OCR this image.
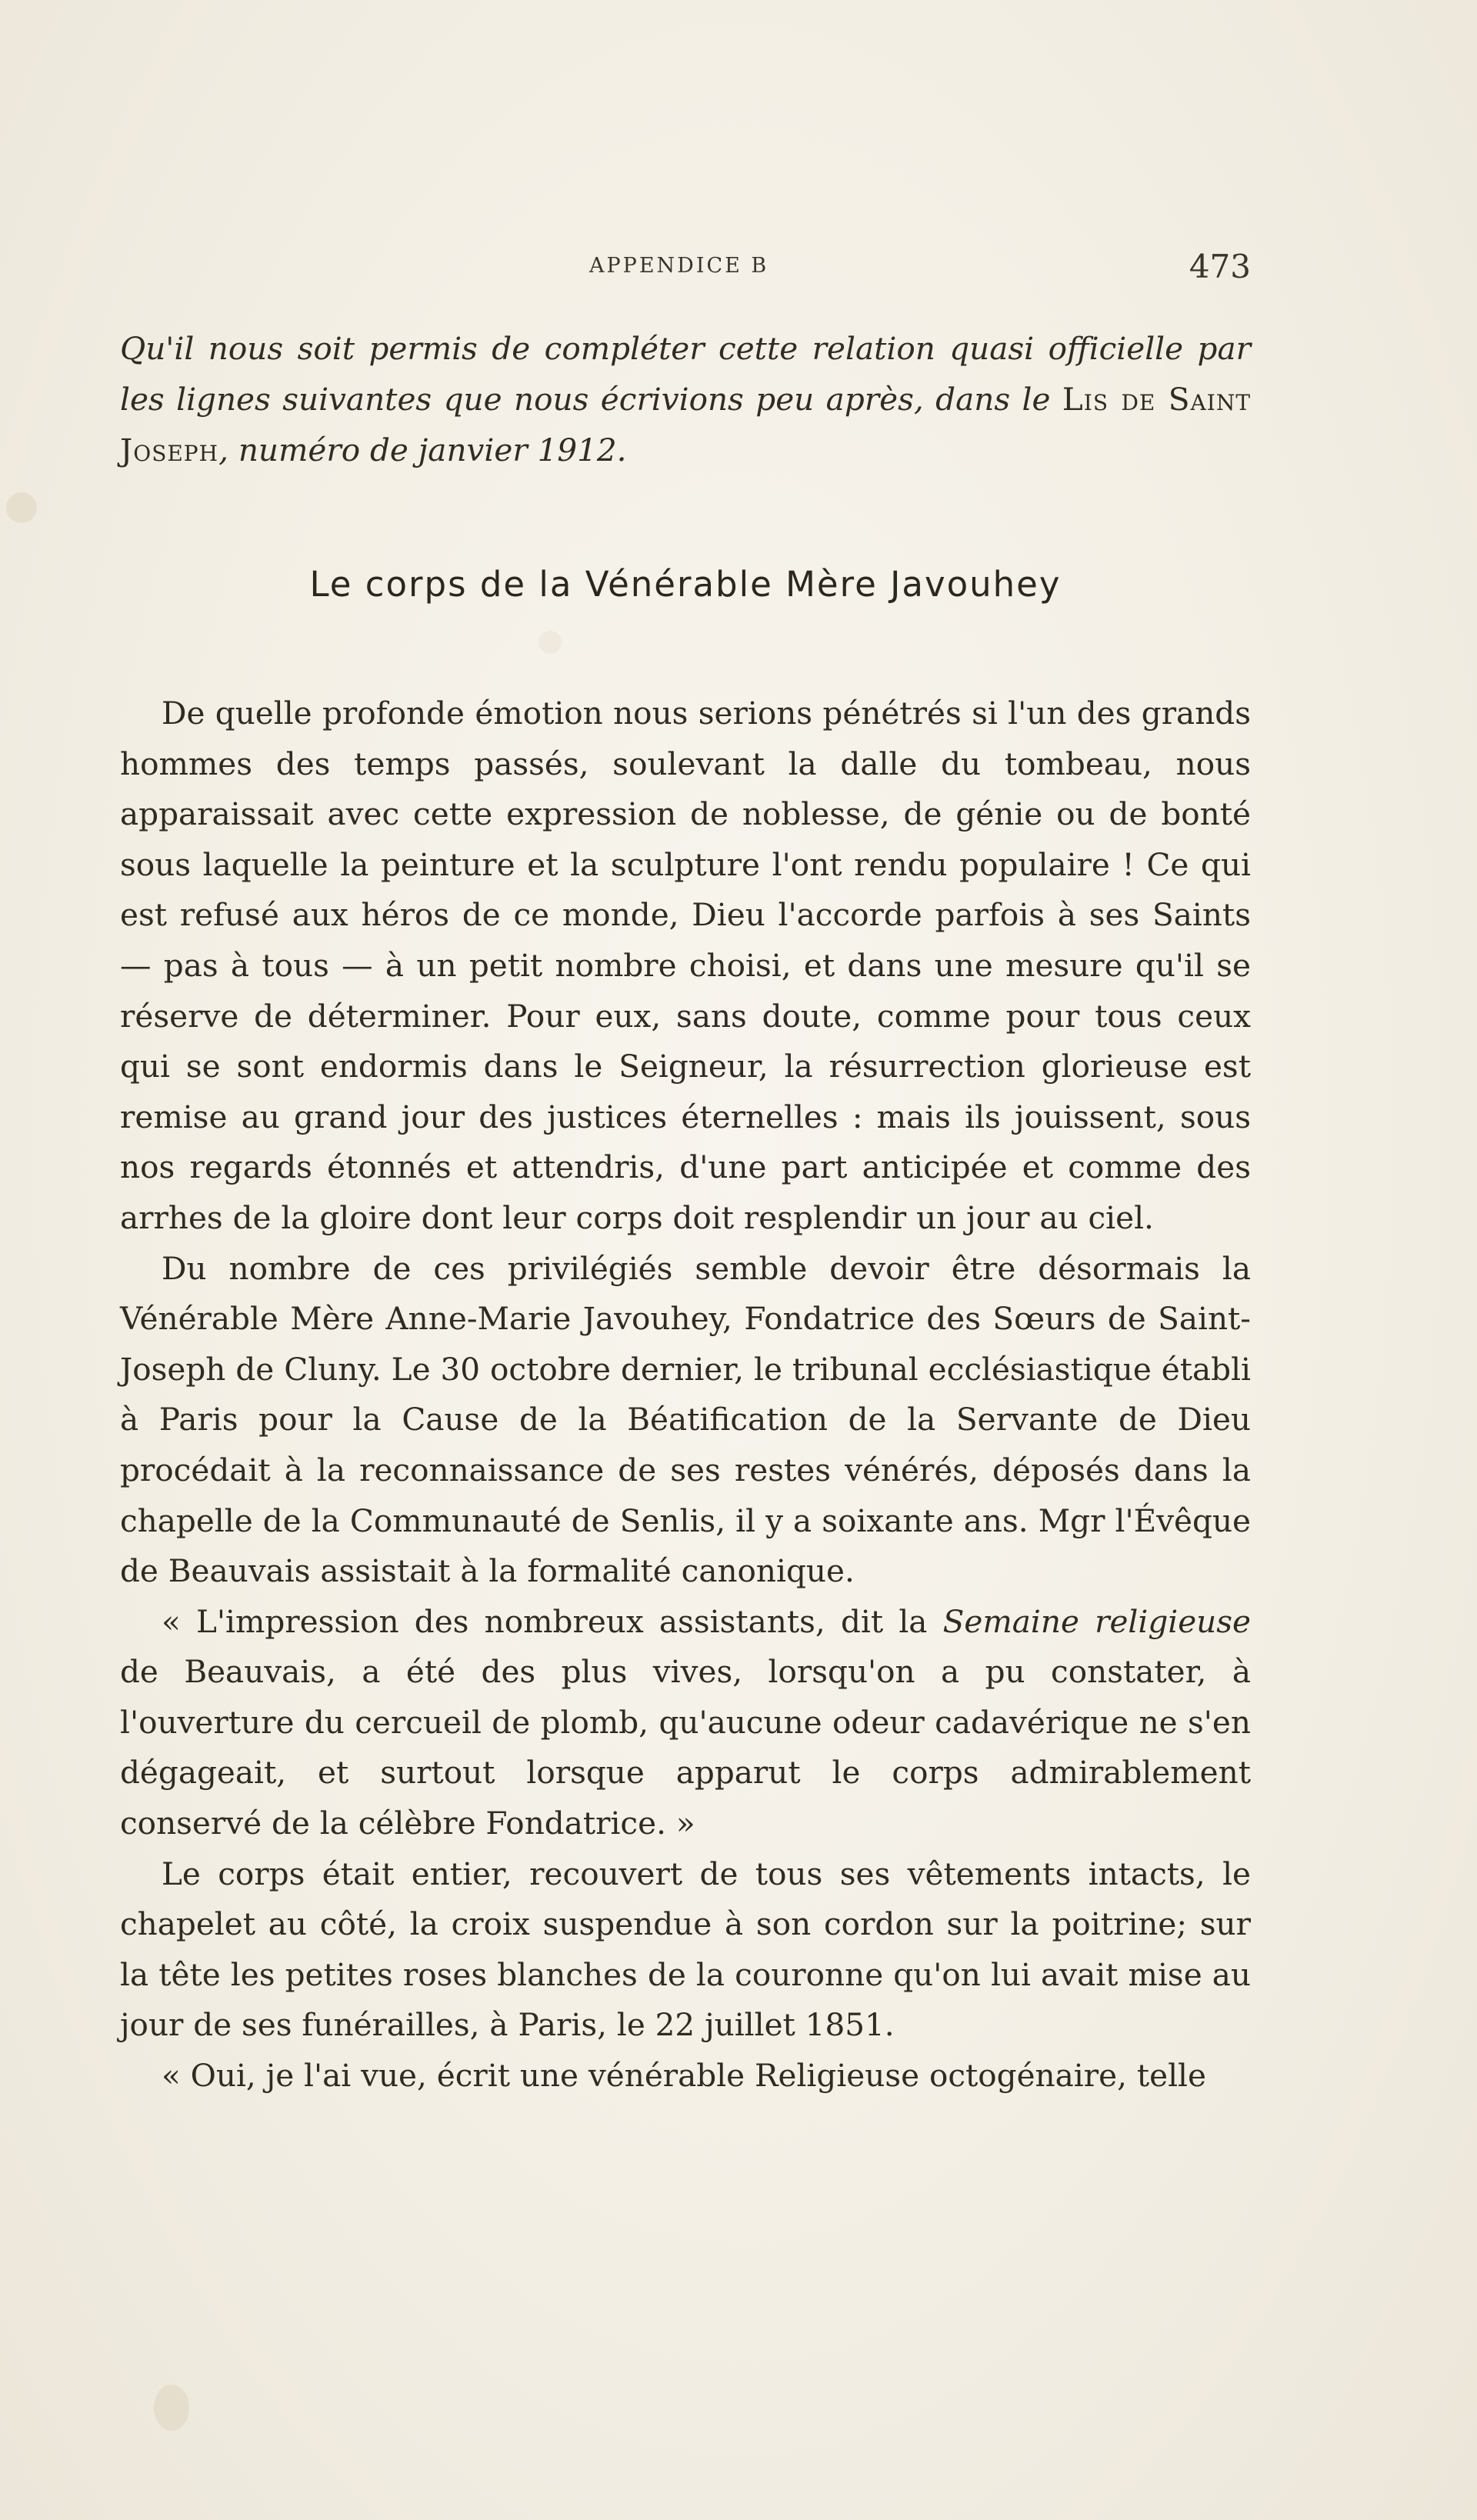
APPENDICE B	473
Qu'il nous soit permis de compléter cette relation quasi officielle par les lignes suivantes que nous écrivions peu après, dans le Lis de Saint Joseph, numéro de janvier 1912.
Le corps de la Vénérable Mère Javouhey

De quelle profonde émotion nous serions pénétrés si l'un des grands hommes des temps passés, soulevant la dalle du tombeau, nous apparaissait avec cette expression de noblesse, de génie ou de bonté sous laquelle la peinture et la sculpture l'ont rendu populaire ! Ce qui est refusé aux héros de ce monde, Dieu l'accorde parfois à ses Saints — pas à tous — à un petit nombre choisi, et dans une mesure qu'il se réserve de déterminer. Pour eux, sans doute, comme pour tous ceux qui se sont endormis dans le Seigneur, la résurrection glorieuse est remise au grand jour des justices éternelles : mais ils jouissent, sous nos regards étonnés et attendris, d'une part anticipée et comme des arrhes de la gloire dont leur corps doit resplendir un jour au ciel.

Du nombre de ces privilégiés semble devoir être désormais la Vénérable Mère Anne-Marie Javouhey, Fondatrice des Sœurs de Saint-Joseph de Cluny. Le 30 octobre dernier, le tribunal ecclésiastique établi à Paris pour la Cause de la Béatification de la Servante de Dieu procédait à la reconnaissance de ses restes vénérés, déposés dans la chapelle de la Communauté de Senlis, il y a soixante ans. Mgr l'Évêque de Beauvais assistait à la formalité canonique.

« L'impression des nombreux assistants, dit la Semaine religieuse de Beauvais, a été des plus vives, lorsqu'on a pu constater, à l'ouverture du cercueil de plomb, qu'aucune odeur cadavérique ne s'en dégageait, et surtout lorsque apparut le corps admirablement conservé de la célèbre Fondatrice. »

Le corps était entier, recouvert de tous ses vêtements intacts, le chapelet au côté, la croix suspendue à son cordon sur la poitrine; sur la tête les petites roses blanches de la couronne qu'on lui avait mise au jour de ses funérailles, à Paris, le 22 juillet 1851.

« Oui, je l'ai vue, écrit une vénérable Religieuse octogénaire, telle
